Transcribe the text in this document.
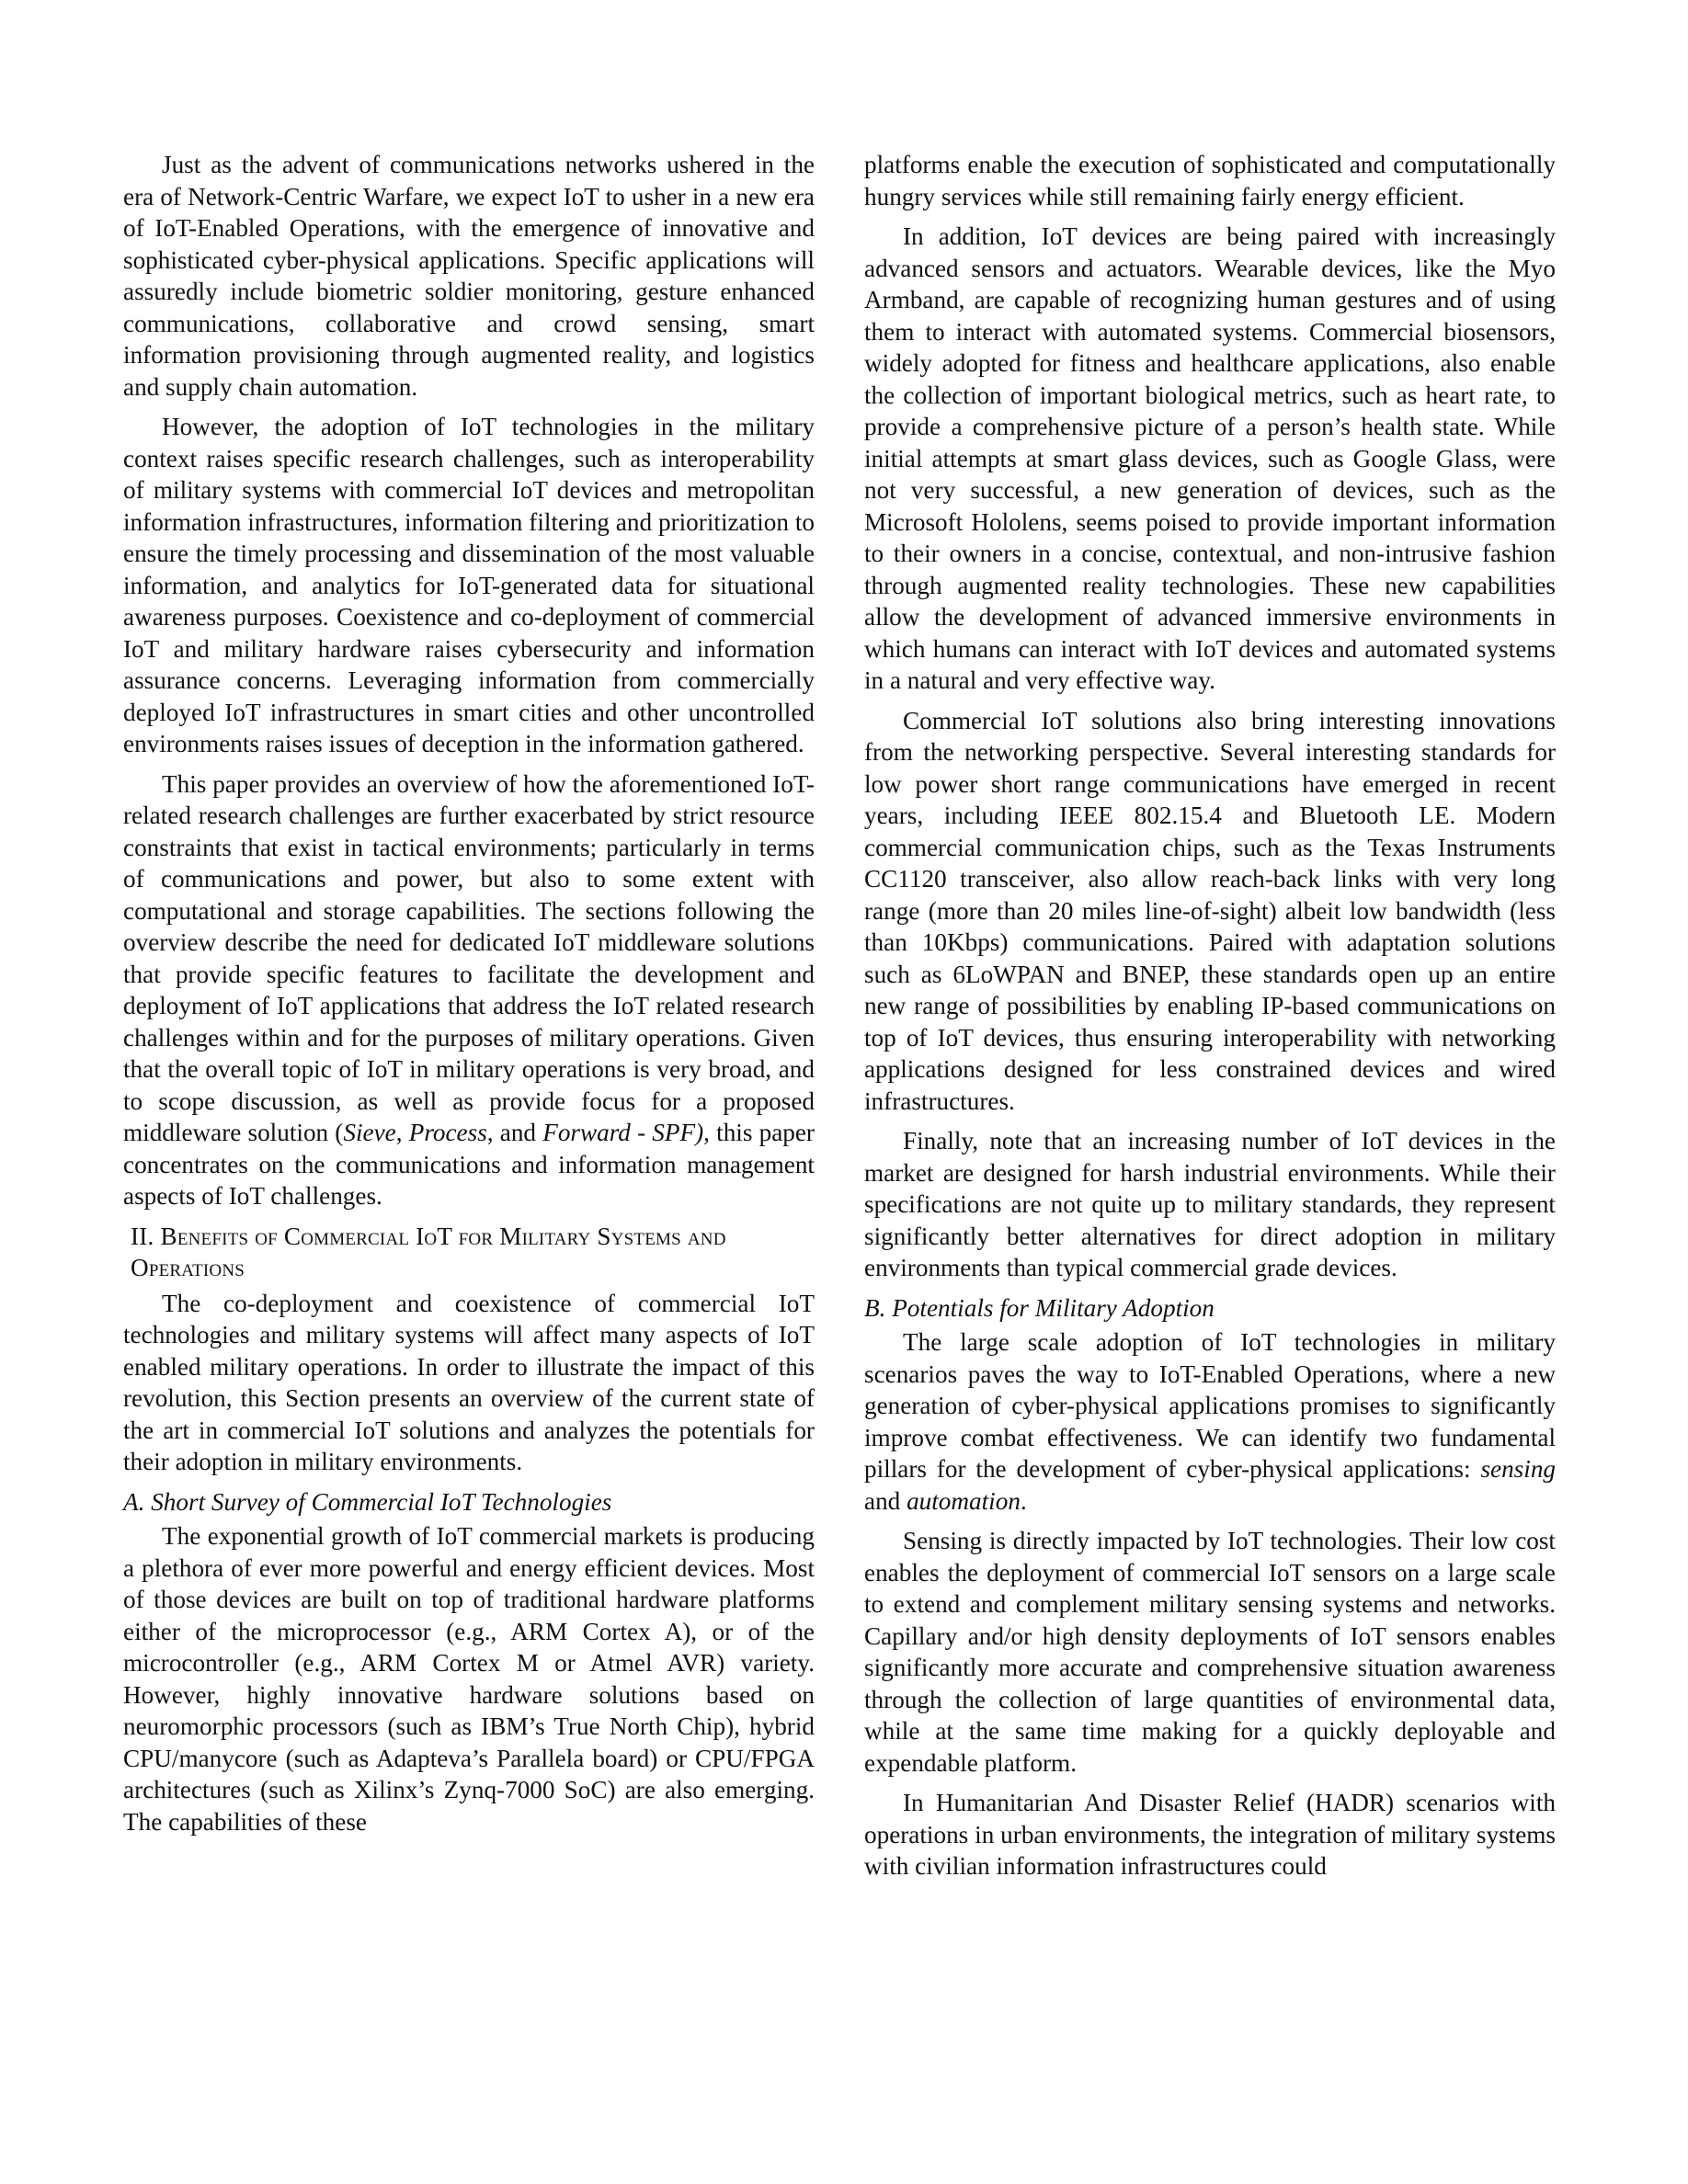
Just as the advent of communications networks ushered in the era of Network-Centric Warfare, we expect IoT to usher in a new era of IoT-Enabled Operations, with the emergence of innovative and sophisticated cyber-physical applications. Specific applications will assuredly include biometric soldier monitoring, gesture enhanced communications, collaborative and crowd sensing, smart information provisioning through augmented reality, and logistics and supply chain automation.

However, the adoption of IoT technologies in the military context raises specific research challenges, such as interoperability of military systems with commercial IoT devices and metropolitan information infrastructures, information filtering and prioritization to ensure the timely processing and dissemination of the most valuable information, and analytics for IoT-generated data for situational awareness purposes. Coexistence and co-deployment of commercial IoT and military hardware raises cybersecurity and information assurance concerns. Leveraging information from commercially deployed IoT infrastructures in smart cities and other uncontrolled environments raises issues of deception in the information gathered.

This paper provides an overview of how the aforementioned IoT-related research challenges are further exacerbated by strict resource constraints that exist in tactical environments; particularly in terms of communications and power, but also to some extent with computational and storage capabilities. The sections following the overview describe the need for dedicated IoT middleware solutions that provide specific features to facilitate the development and deployment of IoT applications that address the IoT related research challenges within and for the purposes of military operations. Given that the overall topic of IoT in military operations is very broad, and to scope discussion, as well as provide focus for a proposed middleware solution (Sieve, Process, and Forward - SPF), this paper concentrates on the communications and information management aspects of IoT challenges.

II. Benefits of Commercial IoT for Military Systems and Operations

The co-deployment and coexistence of commercial IoT technologies and military systems will affect many aspects of IoT enabled military operations. In order to illustrate the impact of this revolution, this Section presents an overview of the current state of the art in commercial IoT solutions and analyzes the potentials for their adoption in military environments.

A. Short Survey of Commercial IoT Technologies

The exponential growth of IoT commercial markets is producing a plethora of ever more powerful and energy efficient devices. Most of those devices are built on top of traditional hardware platforms either of the microprocessor (e.g., ARM Cortex A), or of the microcontroller (e.g., ARM Cortex M or Atmel AVR) variety. However, highly innovative hardware solutions based on neuromorphic processors (such as IBM’s True North Chip), hybrid CPU/manycore (such as Adapteva’s Parallela board) or CPU/FPGA architectures (such as Xilinx’s Zynq-7000 SoC) are also emerging. The capabilities of these

platforms enable the execution of sophisticated and computationally hungry services while still remaining fairly energy efficient.

In addition, IoT devices are being paired with increasingly advanced sensors and actuators. Wearable devices, like the Myo Armband, are capable of recognizing human gestures and of using them to interact with automated systems. Commercial biosensors, widely adopted for fitness and healthcare applications, also enable the collection of important biological metrics, such as heart rate, to provide a comprehensive picture of a person’s health state. While initial attempts at smart glass devices, such as Google Glass, were not very successful, a new generation of devices, such as the Microsoft Hololens, seems poised to provide important information to their owners in a concise, contextual, and non-intrusive fashion through augmented reality technologies. These new capabilities allow the development of advanced immersive environments in which humans can interact with IoT devices and automated systems in a natural and very effective way.

Commercial IoT solutions also bring interesting innovations from the networking perspective. Several interesting standards for low power short range communications have emerged in recent years, including IEEE 802.15.4 and Bluetooth LE. Modern commercial communication chips, such as the Texas Instruments CC1120 transceiver, also allow reach-back links with very long range (more than 20 miles line-of-sight) albeit low bandwidth (less than 10Kbps) communications. Paired with adaptation solutions such as 6LoWPAN and BNEP, these standards open up an entire new range of possibilities by enabling IP-based communications on top of IoT devices, thus ensuring interoperability with networking applications designed for less constrained devices and wired infrastructures.

Finally, note that an increasing number of IoT devices in the market are designed for harsh industrial environments. While their specifications are not quite up to military standards, they represent significantly better alternatives for direct adoption in military environments than typical commercial grade devices.

B. Potentials for Military Adoption

The large scale adoption of IoT technologies in military scenarios paves the way to IoT-Enabled Operations, where a new generation of cyber-physical applications promises to significantly improve combat effectiveness. We can identify two fundamental pillars for the development of cyber-physical applications: sensing and automation.

Sensing is directly impacted by IoT technologies. Their low cost enables the deployment of commercial IoT sensors on a large scale to extend and complement military sensing systems and networks. Capillary and/or high density deployments of IoT sensors enables significantly more accurate and comprehensive situation awareness through the collection of large quantities of environmental data, while at the same time making for a quickly deployable and expendable platform.

In Humanitarian And Disaster Relief (HADR) scenarios with operations in urban environments, the integration of military systems with civilian information infrastructures could
